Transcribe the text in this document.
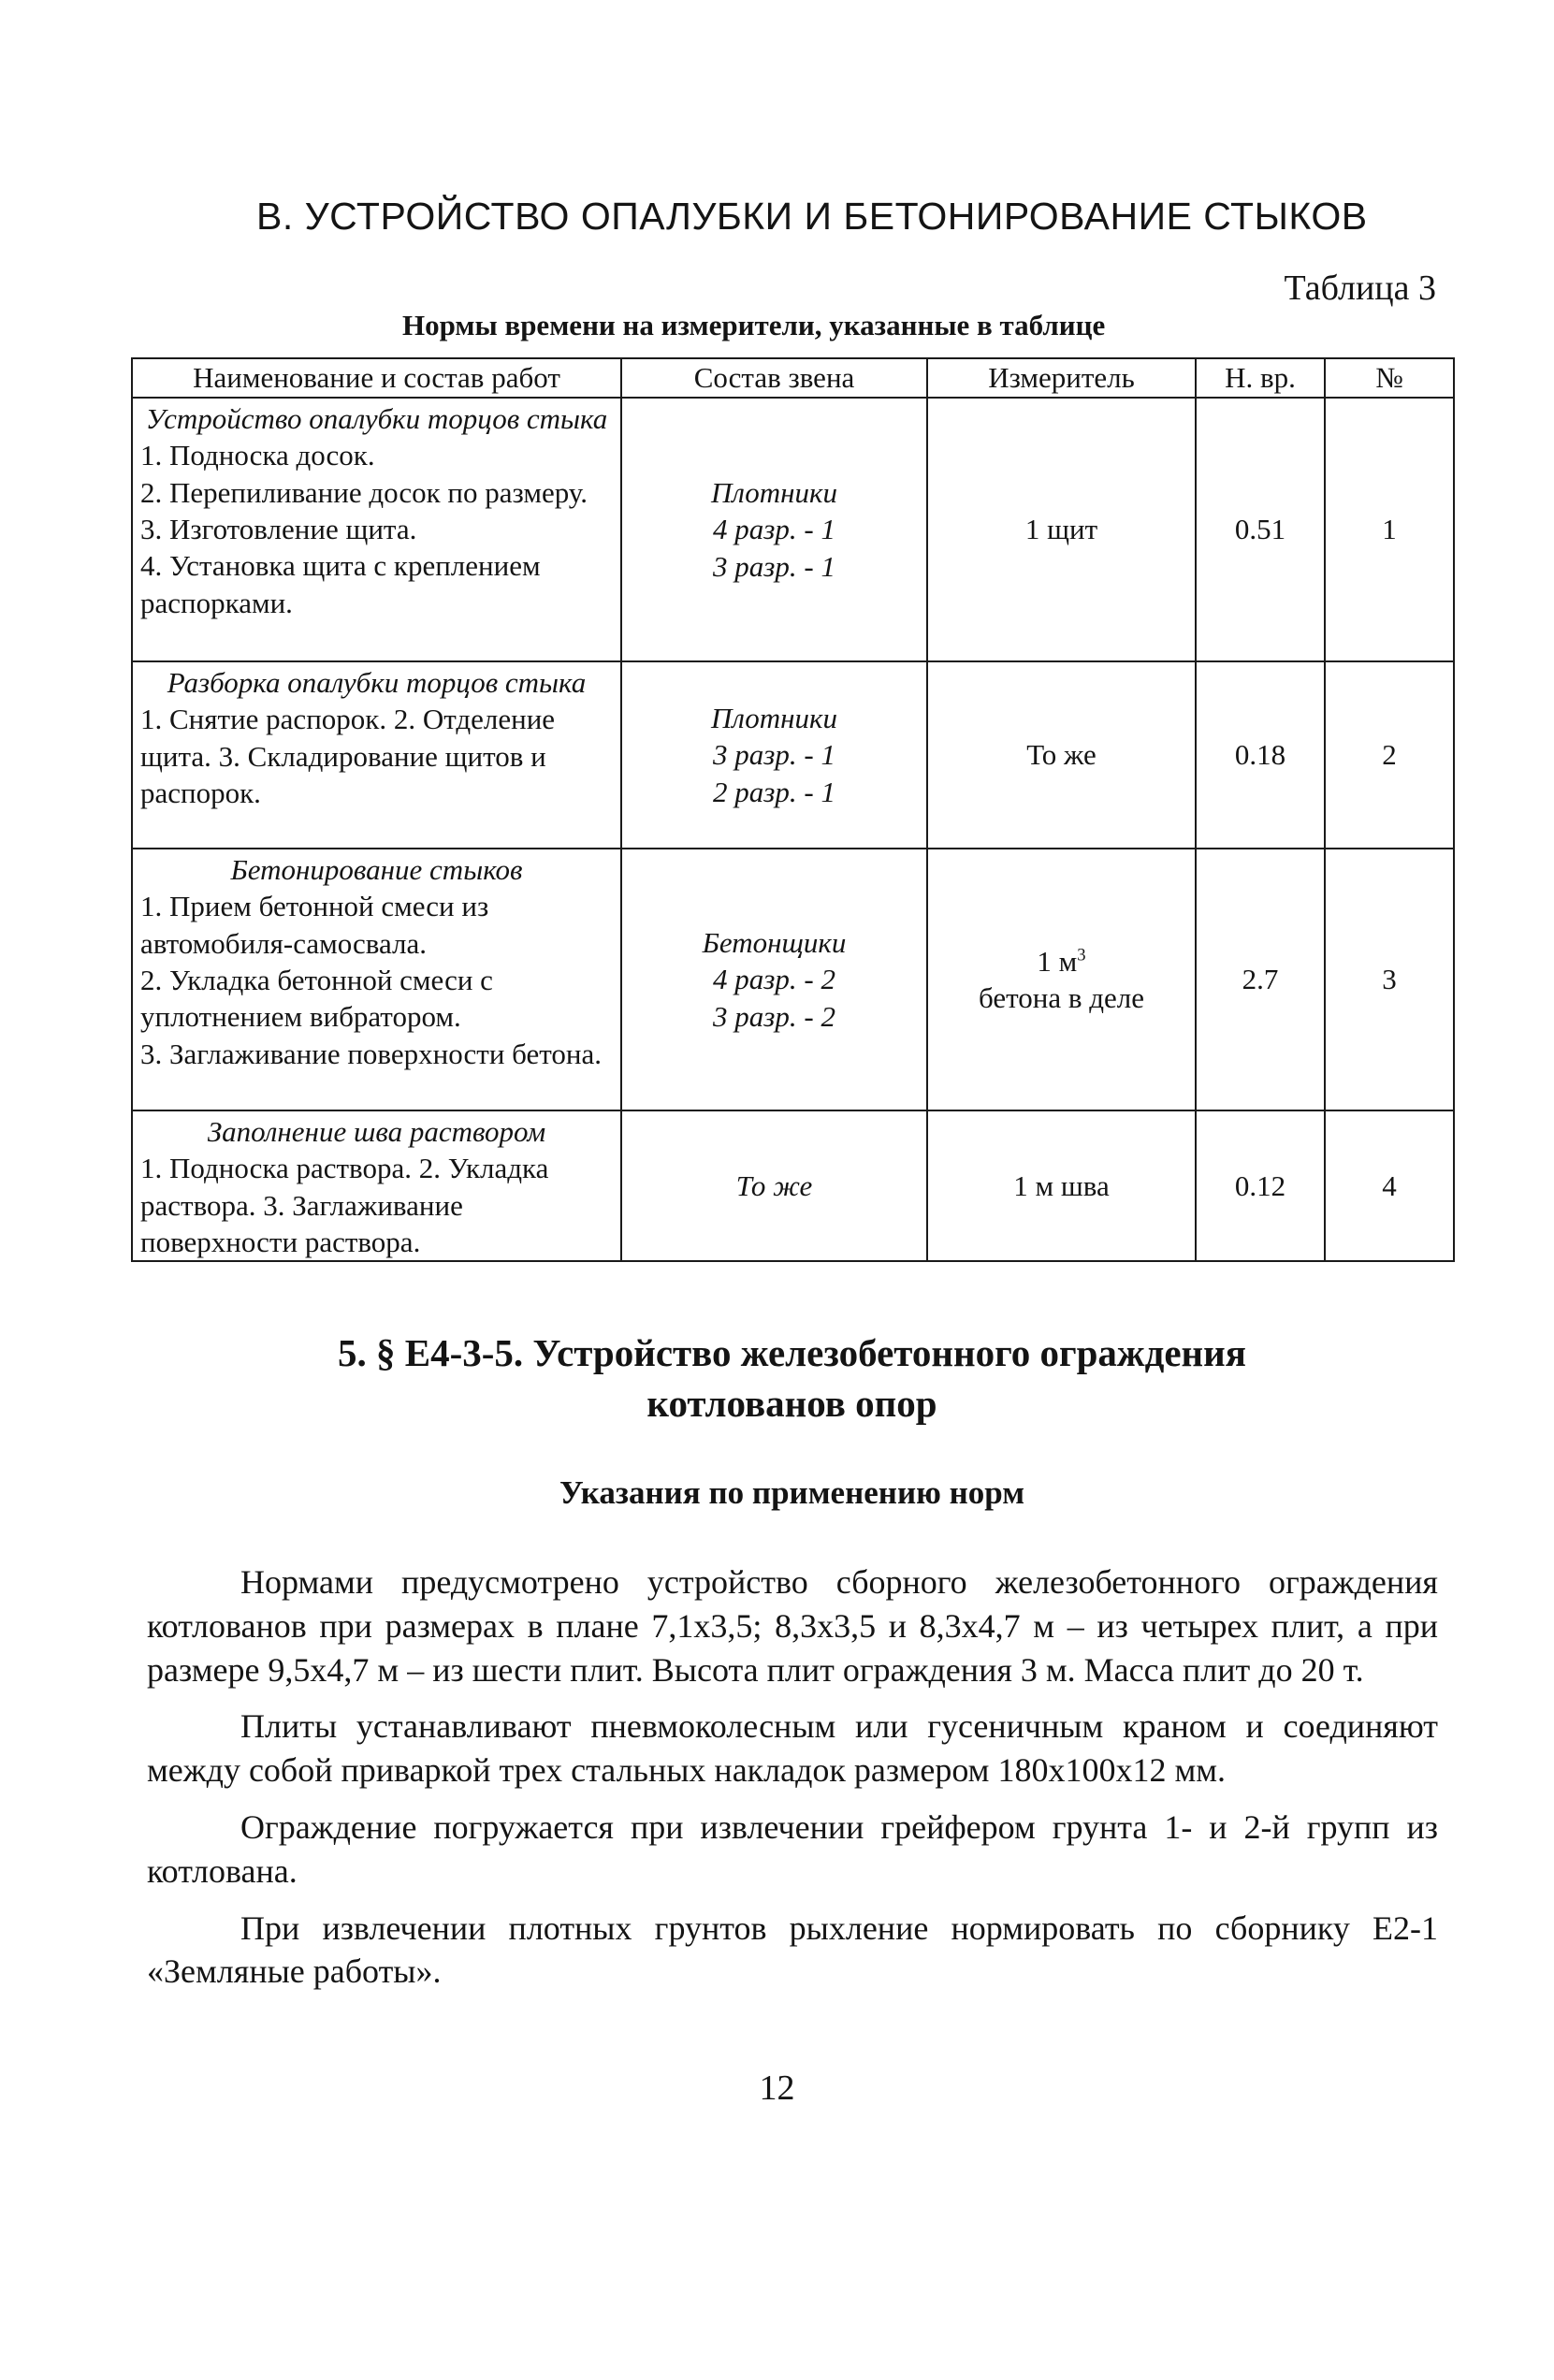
В. УСТРОЙСТВО ОПАЛУБКИ И БЕТОНИРОВАНИЕ СТЫКОВ
Таблица 3
Нормы времени на измерители, указанные в таблице
Наименование и состав работ	Состав звена	Измеритель	Н. вр.	№

Устройство опалубки торцов стыка
1. Подноска досок.
2. Перепиливание досок по размеру. 3. Изготовление щита.
4. Установка щита с креплением распорками.	Плотники
4 разр. - 1
3 разр. - 1	1 щит	0.51	1

Разборка опалубки торцов стыка
1. Снятие распорок. 2. Отделение щита. 3. Складирование щитов и распорок.	Плотники
3 разр. - 1
2 разр. - 1	То же	0.18	2

Бетонирование стыков
1. Прием бетонной смеси из автомобиля-самосвала.
2. Укладка бетонной смеси с уплотнением вибратором.
3. Заглаживание поверхности бетона.	Бетонщики
4 разр. - 2
3 разр. - 2	1 $м^3$
бетона в деле	2.7	3

Заполнение шва раствором
1. Подноска раствора. 2. Укладка раствора. 3. Заглаживание поверхности раствора.	То же	1 м шва	0.12	4
5. § Е4-3-5. Устройство железобетонного ограждения
котлованов опор
Указания по применению норм

Нормами предусмотрено устройство сборного железобетонного ограждения котлованов при размерах в плане 7,1х3,5; 8,3х3,5 и 8,3х4,7 м – из четырех плит, а при размере 9,5х4,7 м – из шести плит. Высота плит ограждения 3 м. Масса плит до 20 т.

Плиты устанавливают пневмоколесным или гусеничным краном и соединяют между собой приваркой трех стальных накладок размером 180х100х12 мм.

Ограждение погружается при извлечении грейфером грунта 1- и 2-й групп из котлована.

При извлечении плотных грунтов рыхление нормировать по сборнику Е2-1 «Земляные работы».

12
